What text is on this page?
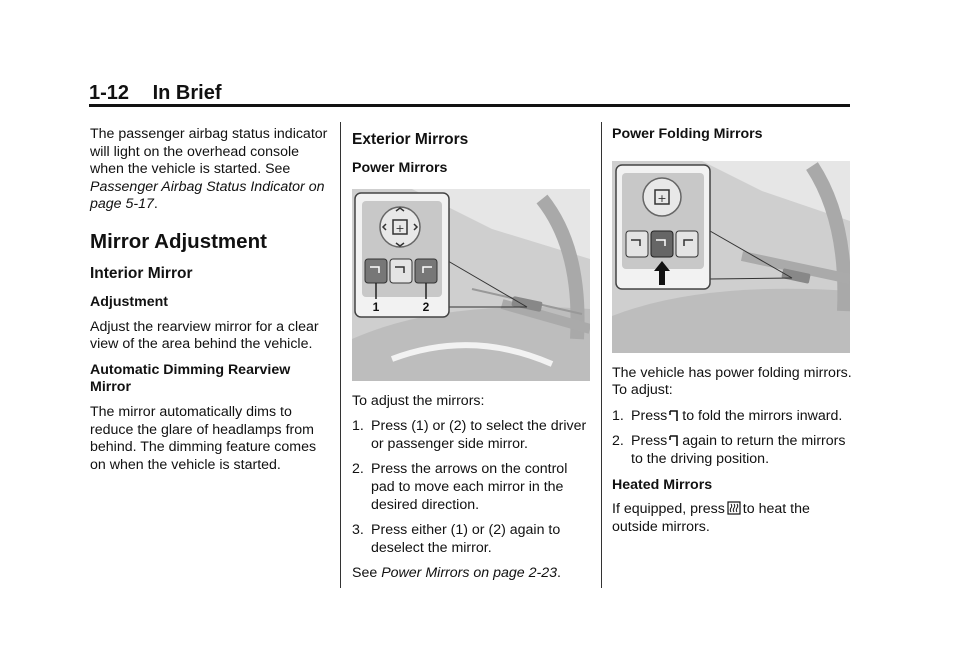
1-12 In Brief

The passenger airbag status indicator will light on the overhead console when the vehicle is started. See Passenger Airbag Status Indicator on page 5-17.

Mirror Adjustment

Interior Mirror

Adjustment

Adjust the rearview mirror for a clear view of the area behind the vehicle.

Automatic Dimming Rearview Mirror

The mirror automatically dims to reduce the glare of headlamps from behind. The dimming feature comes on when the vehicle is started.

Exterior Mirrors

Power Mirrors

+
1	2

To adjust the mirrors:

1. Press (1) or (2) to select the driver or passenger side mirror.
2. Press the arrows on the control pad to move each mirror in the desired direction.
3. Press either (1) or (2) again to deselect the mirror.

See Power Mirrors on page 2-23.

Power Folding Mirrors

+

The vehicle has power folding mirrors. To adjust:

1. Press to fold the mirrors inward.
2. Press again to return the mirrors to the driving position.

Heated Mirrors

If equipped, press to heat the outside mirrors.
